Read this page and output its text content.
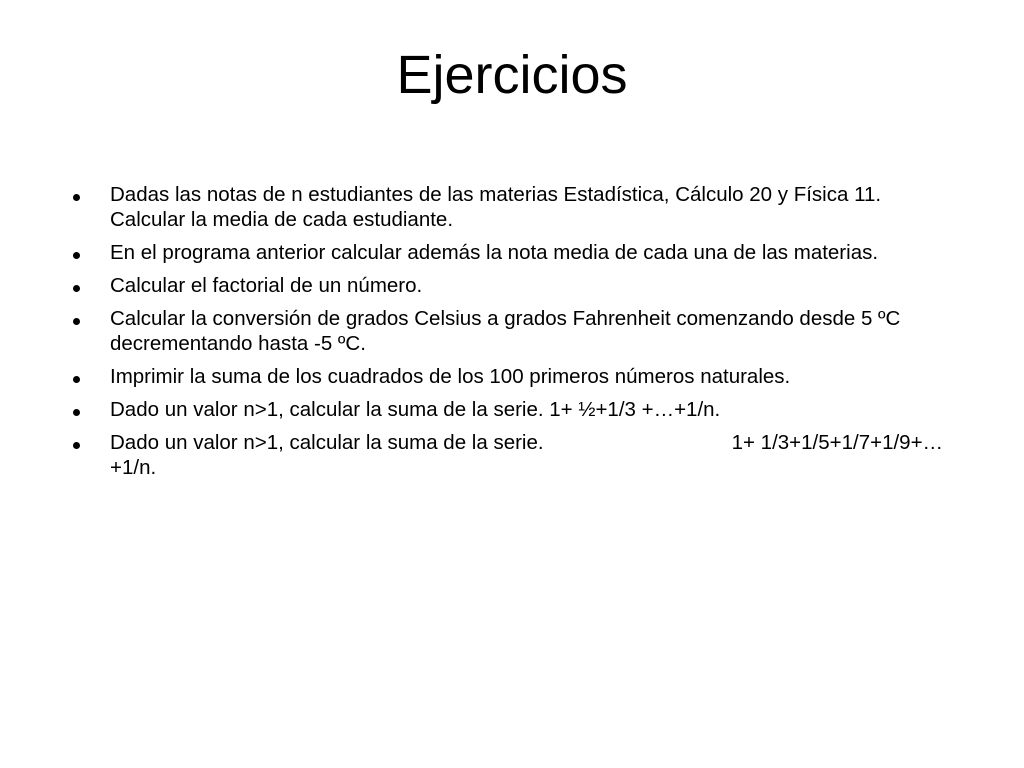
Ejercicios
Dadas las notas de n estudiantes de las materias Estadística, Cálculo 20 y Física 11. Calcular la media de cada estudiante.
En el programa anterior calcular además la nota media de cada una de las materias.
Calcular el factorial de un número.
Calcular la conversión de grados Celsius a grados Fahrenheit comenzando desde 5 ºC decrementando hasta -5 ºC.
Imprimir la suma de los cuadrados de los 100 primeros números naturales.
Dado un valor n>1, calcular la suma de la serie. 1+ ½+1/3 +…+1/n.
Dado un valor n>1, calcular la suma de la serie.	1+ 1/3+1/5+1/7+1/9+…+1/n.
